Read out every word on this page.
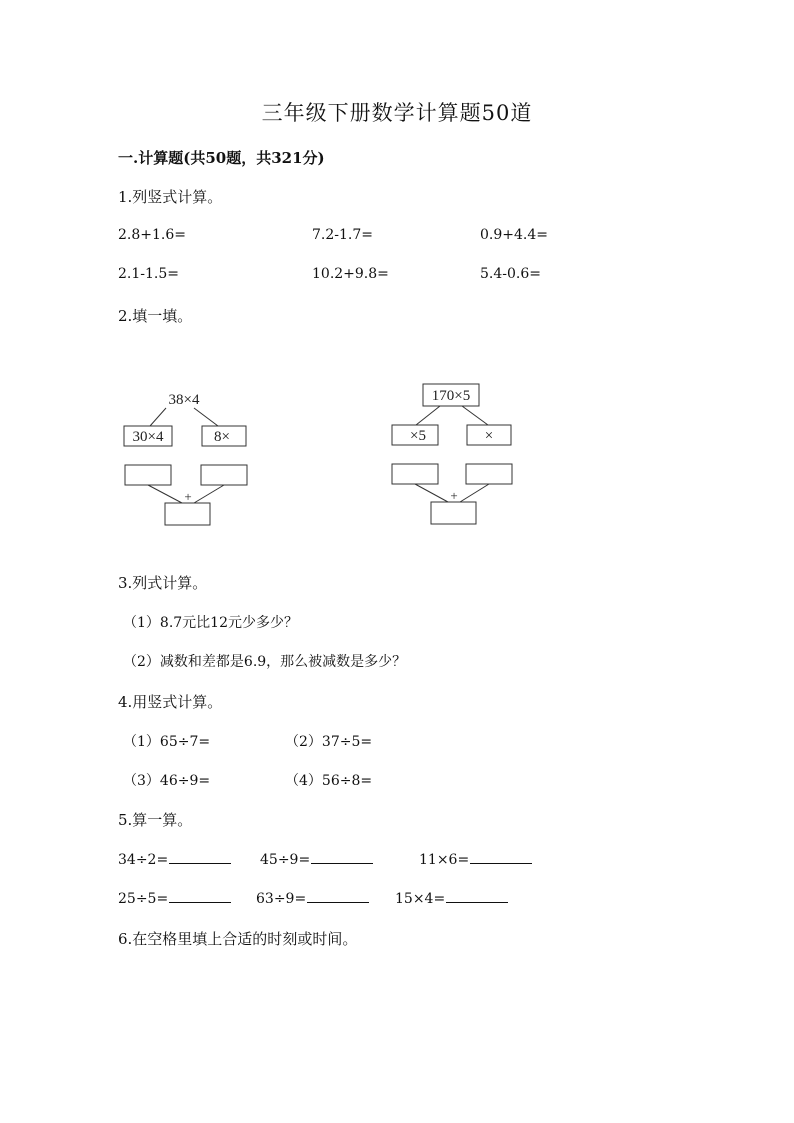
三年级下册数学计算题50道
一.计算题(共50题，共321分)
1.列竖式计算。
2.8+1.6=	7.2-1.7=	0.9+4.4=
2.1-1.5=	10.2+9.8=	5.4-0.6=
2.填一填。
38×4
30×4	8×
+
170×5
×5	×
+
3.列式计算。
（1）8.7元比12元少多少？
（2）减数和差都是6.9，那么被减数是多少？
4.用竖式计算。
（1）65÷7=	（2）37÷5=
（3）46÷9=	（4）56÷8=
5.算一算。
34÷2=	45÷9=	11×6=
25÷5=	63÷9=	15×4=
6.在空格里填上合适的时刻或时间。
